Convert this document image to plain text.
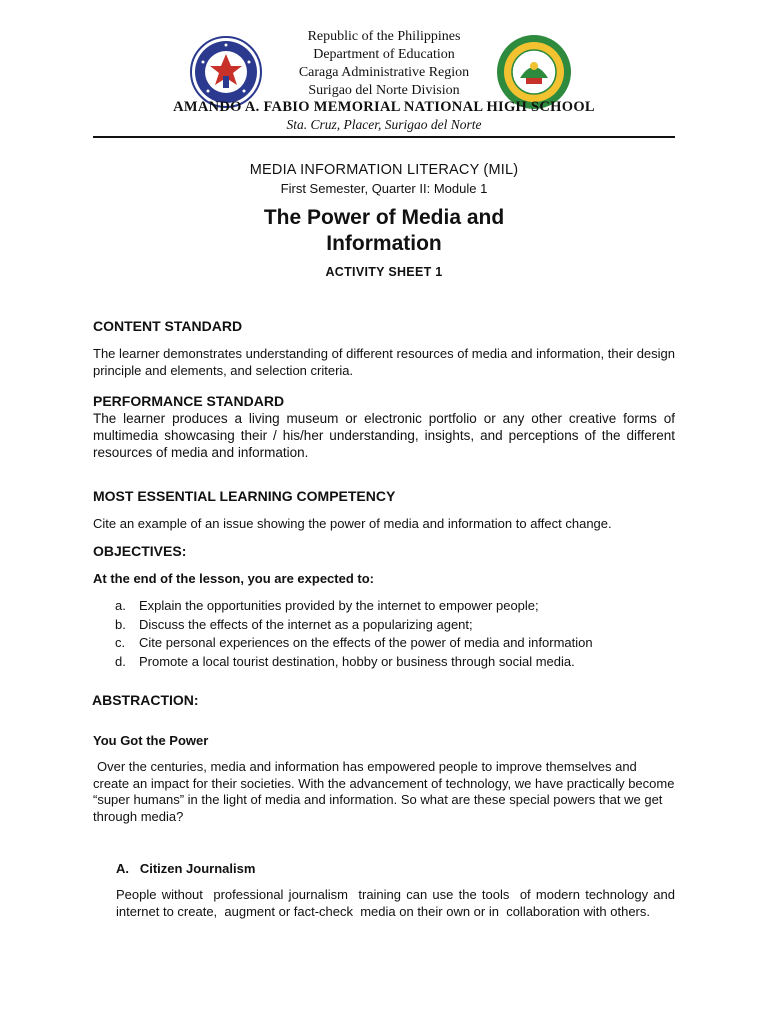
Republic of the Philippines
Department of Education
Caraga Administrative Region
Surigao del Norte Division
AMANDO A. FABIO MEMORIAL NATIONAL HIGH SCHOOL
Sta. Cruz, Placer, Surigao del Norte
MEDIA INFORMATION LITERACY (MIL)
First Semester, Quarter II: Module 1
The Power of Media and
Information
ACTIVITY SHEET 1
CONTENT STANDARD

The learner demonstrates understanding of different resources of media and information, their design principle and elements, and selection criteria.

PERFORMANCE STANDARD

The learner produces a living museum or electronic portfolio or any other creative forms of multimedia showcasing their / his/her understanding, insights, and perceptions of the different resources of media and information.

MOST ESSENTIAL LEARNING COMPETENCY

Cite an example of an issue showing the power of media and information to affect change.

OBJECTIVES:
At the end of the lesson, you are expected to:
a.	Explain the opportunities provided by the internet to empower people;
b.	Discuss the effects of the internet as a popularizing agent;
c.	Cite personal experiences on the effects of the power of media and information
d.	Promote a local tourist destination, hobby or business through social media.
ABSTRACTION:
You Got the Power

Over the centuries, media and information has empowered people to improve themselves and create an impact for their societies. With the advancement of technology, we have practically become “super humans” in the light of media and information. So what are these special powers that we get through media?

A.   Citizen Journalism

People without  professional journalism  training can use the tools  of modern technology and  internet to create,  augment or fact-check  media on their own or in  collaboration with others.
